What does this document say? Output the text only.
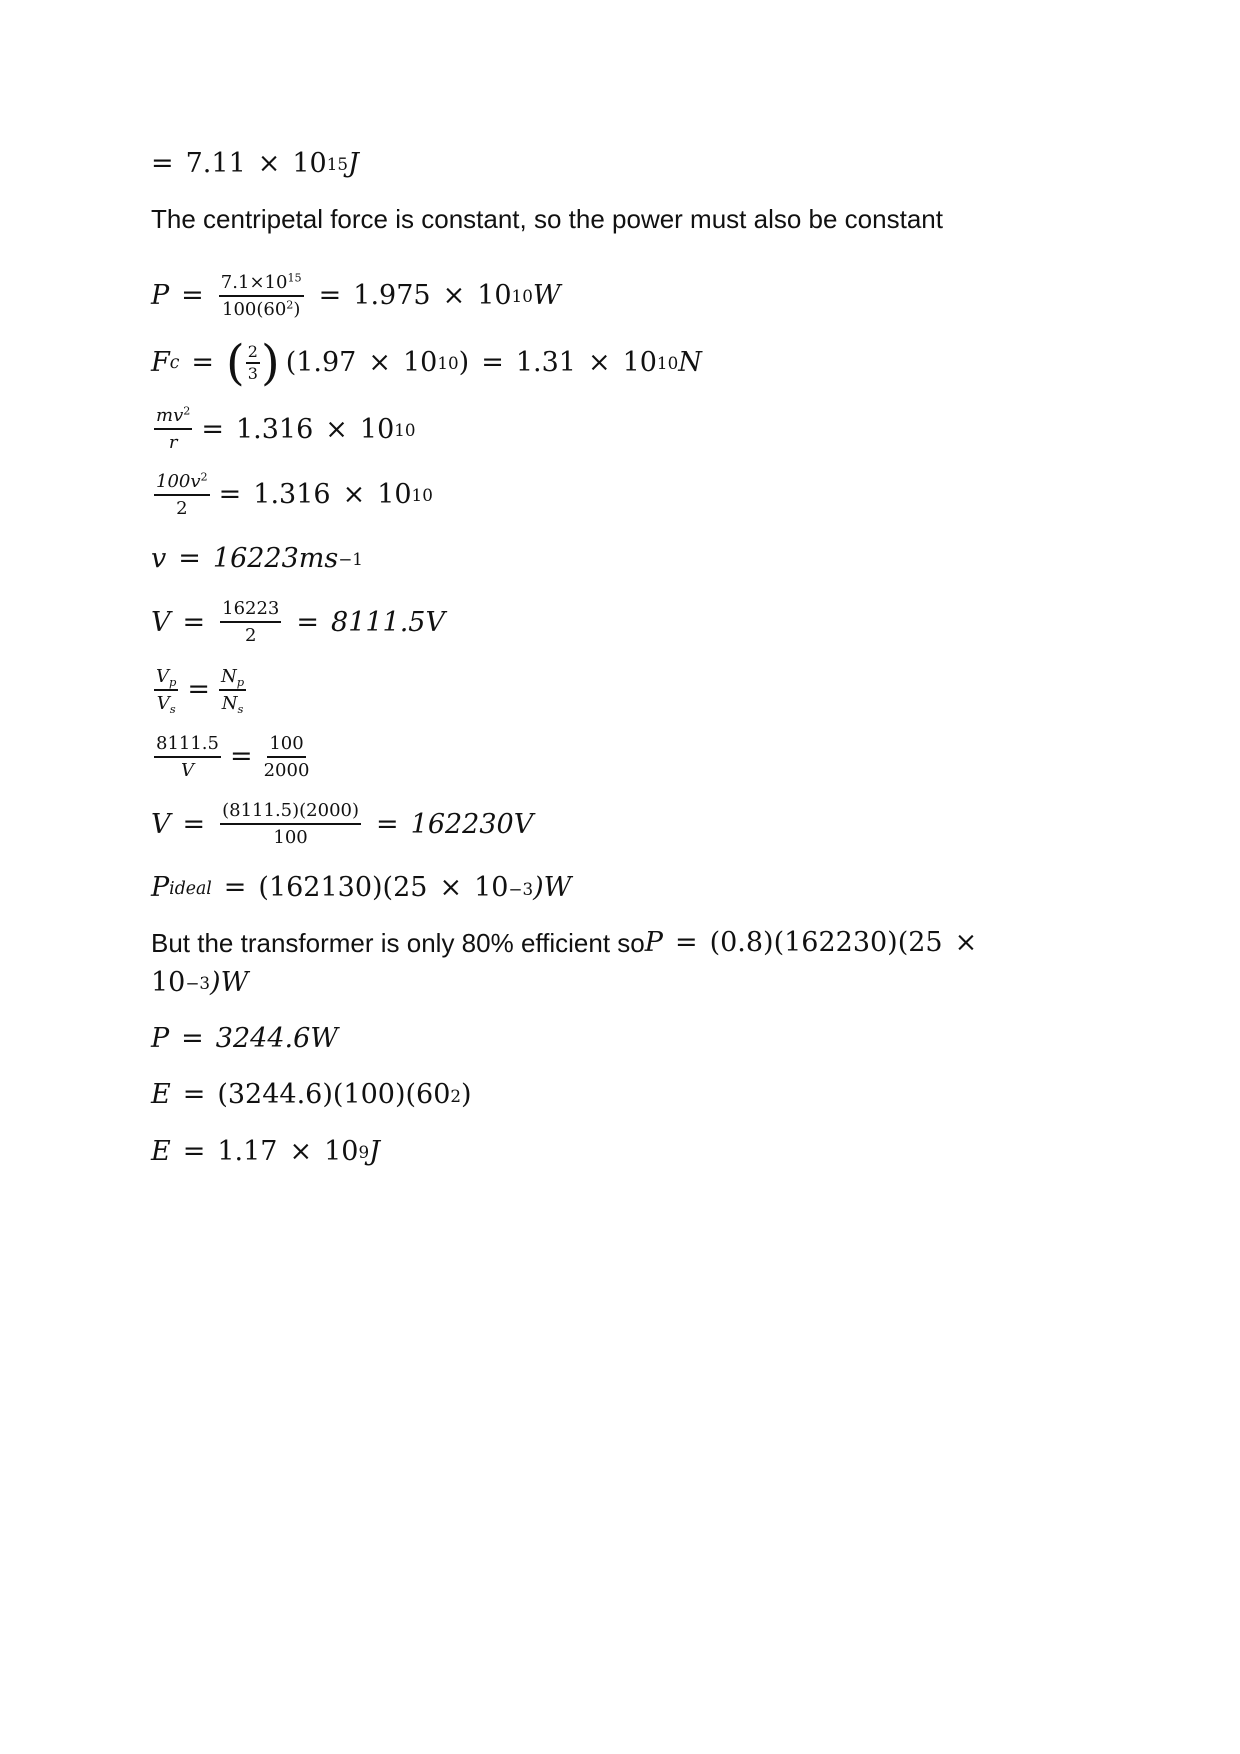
= 7.11 × 10 15 J
The centripetal force is constant, so the power must also be constant
$P = \frac{7.1\times 10^{15}}{100(60^2)} = 1.975 \times 10$ 10 W
F c = ( $\frac{2}{3}$ ) ( 1.97 × 10 10 ) = 1.31 × 10 10 N
$\frac{mv^2}{r} = 1.316 \times 10$ 10
$\frac{100v^2}{2} = 1.316 \times 10$ 10
v = 16223ms −1
$V = \frac{16223}{2} = 8111.5V$
$\frac{V_p}{V_s} = \frac{N_p}{N_s}$
$\frac{8111.5}{V} = \frac{100}{2000}$
$V = \frac{(8111.5)(2000)}{100} = 162230V$
P ideal = (162130)(25 × 10 −3 )W
But the transformer is only 80% efficient so P = (0.8)(162230)(25 ×
10 −3 )W
P = 3244.6W
E = (3244.6)(100)(60 2 )
E = 1.17 × 10 9 J
